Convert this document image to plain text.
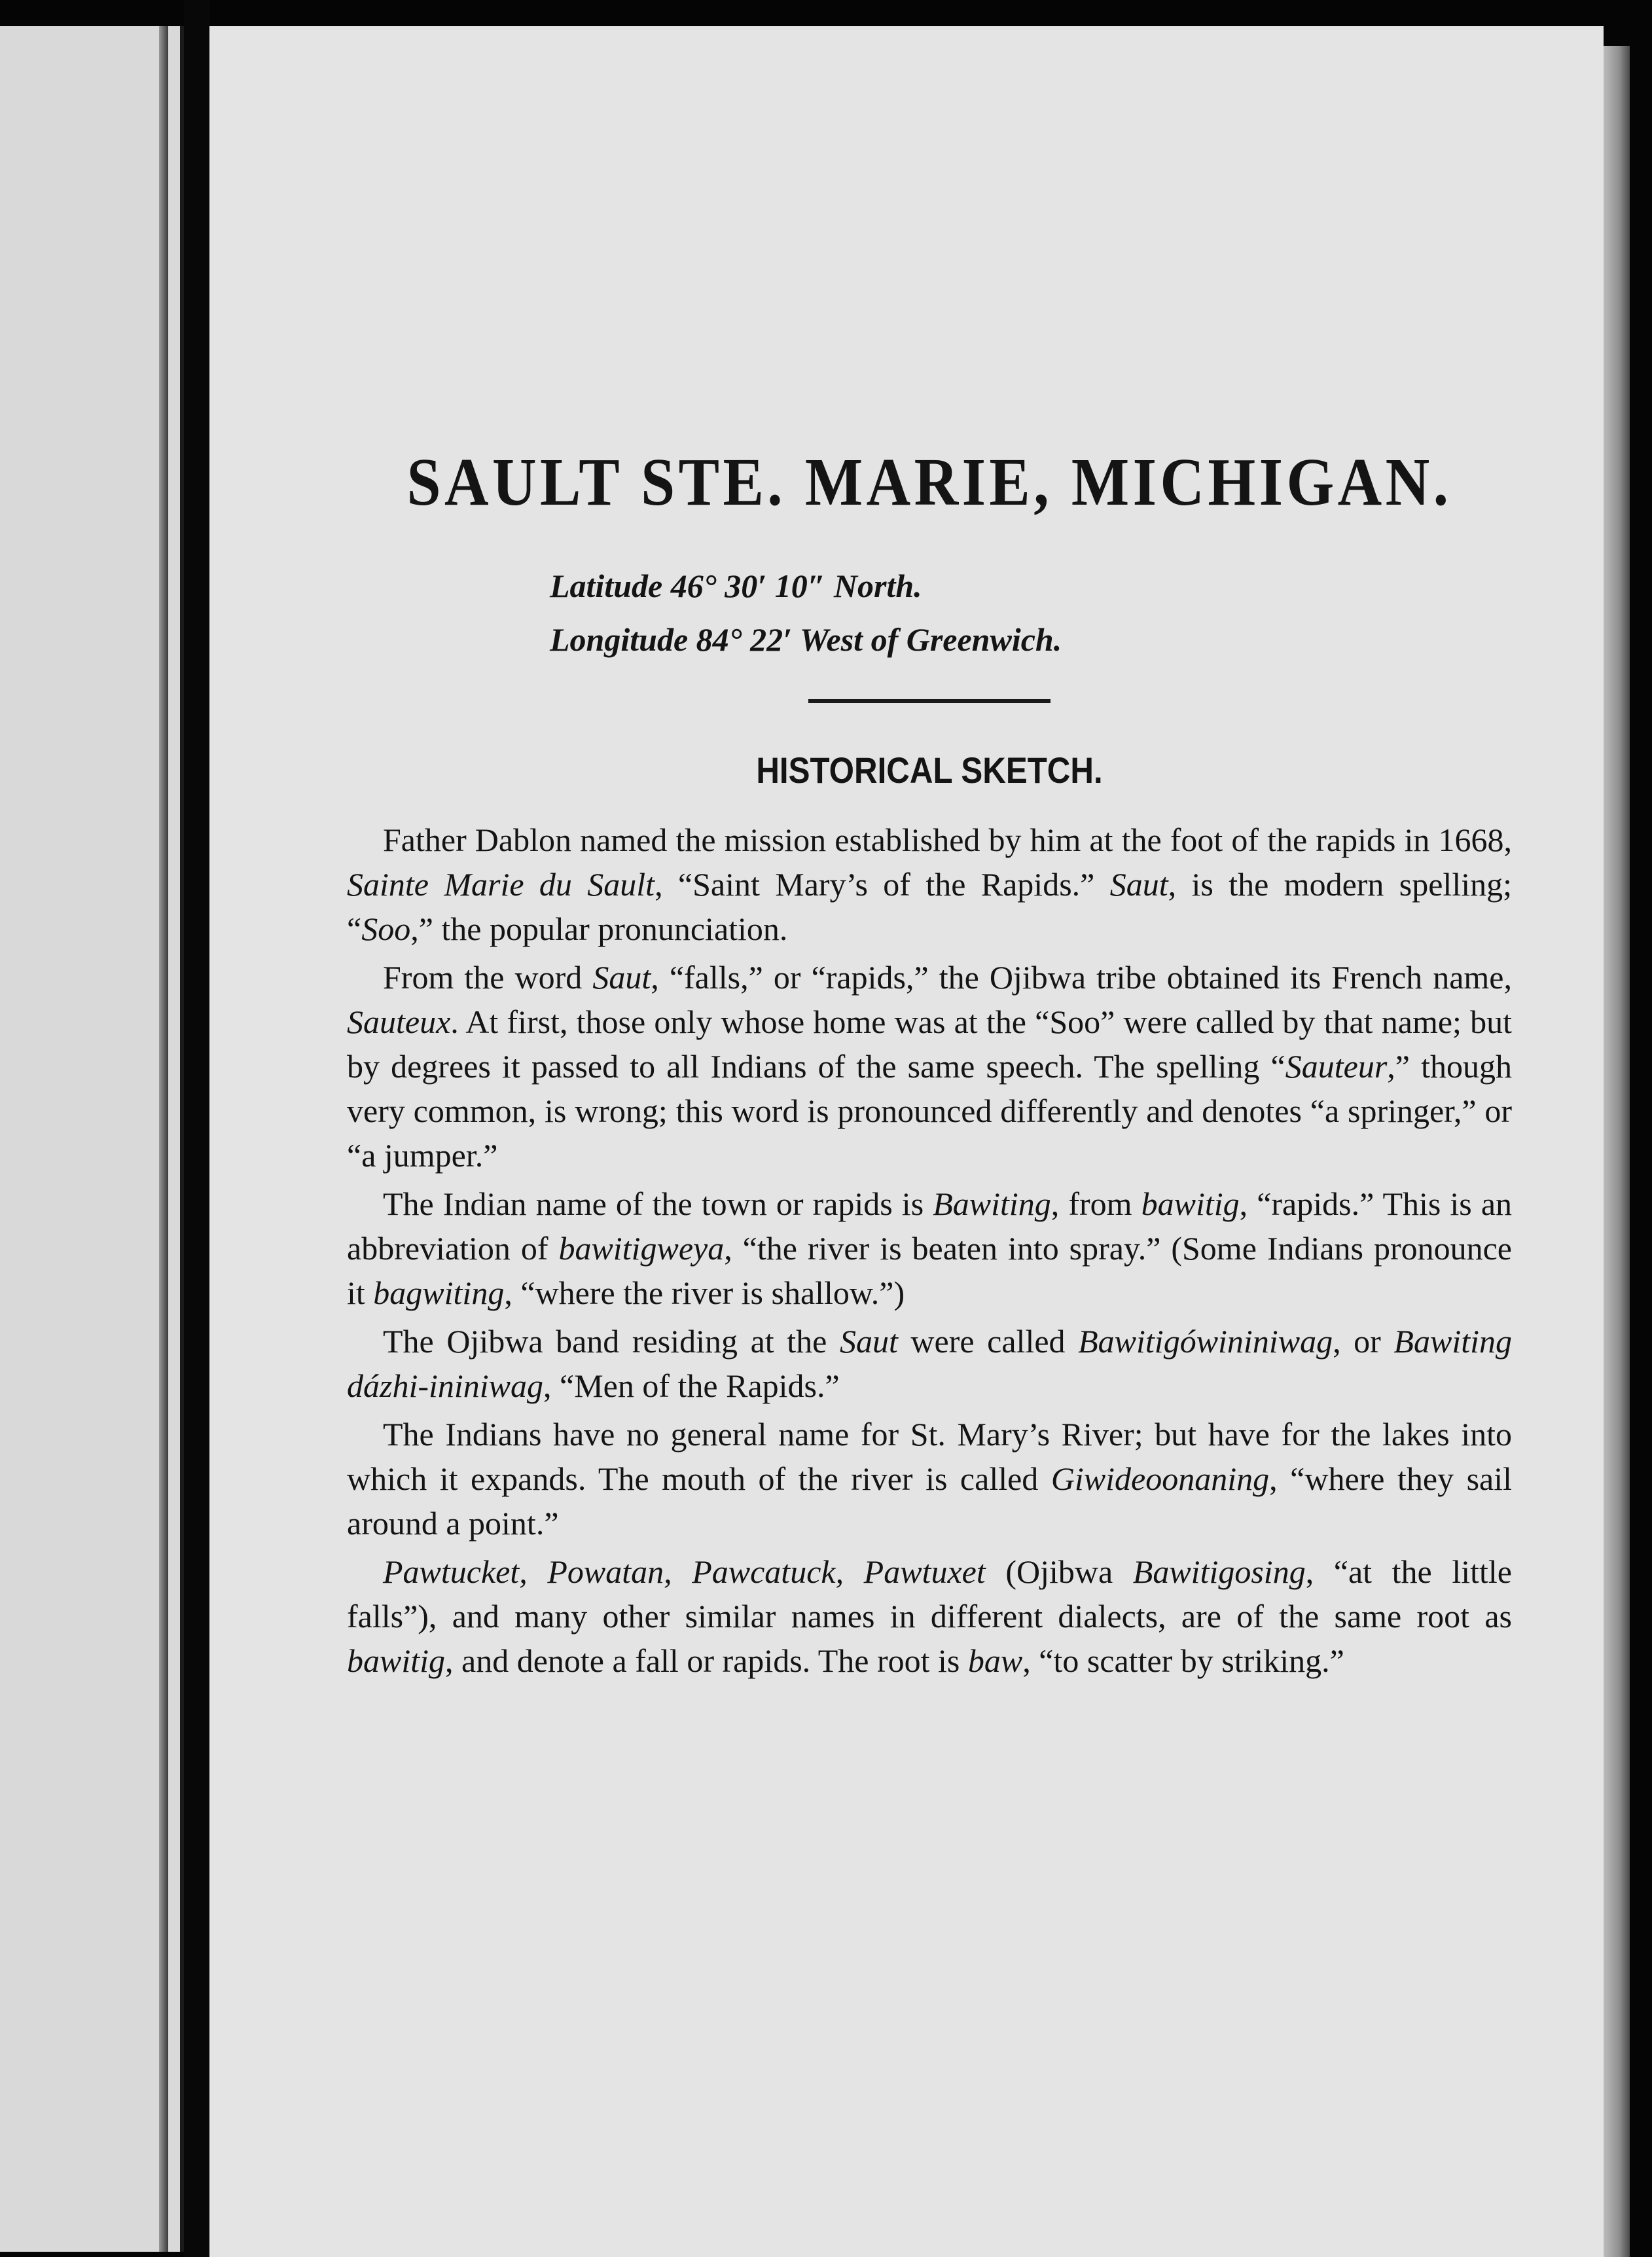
SAULT STE. MARIE, MICHIGAN.
Latitude 46° 30′ 10″ North.
Longitude 84° 22′ West of Greenwich.
HISTORICAL SKETCH.

Father Dablon named the mission established by him at the foot of the rapids in 1668, Sainte Marie du Sault, “Saint Mary’s of the Rapids.” Saut, is the modern spelling; “Soo,” the popular pronunciation.

From the word Saut, “falls,” or “rapids,” the Ojibwa tribe obtained its French name, Sauteux. At first, those only whose home was at the “Soo” were called by that name; but by degrees it passed to all Indians of the same speech. The spelling “Sauteur,” though very common, is wrong; this word is pronounced differently and denotes “a springer,” or “a jumper.”

The Indian name of the town or rapids is Bawiting, from bawitig, “rapids.” This is an abbreviation of bawitigweya, “the river is beaten into spray.” (Some Indians pronounce it bagwiting, “where the river is shallow.”)

The Ojibwa band residing at the Saut were called Bawitigówininiwag, or Bawiting dázhi-ininiwag, “Men of the Rapids.”

The Indians have no general name for St. Mary’s River; but have for the lakes into which it expands. The mouth of the river is called Giwideoonaning, “where they sail around a point.”

Pawtucket, Powatan, Pawcatuck, Pawtuxet (Ojibwa Bawitigosing, “at the little falls”), and many other similar names in different dialects, are of the same root as bawitig, and denote a fall or rapids. The root is baw, “to scatter by striking.”
